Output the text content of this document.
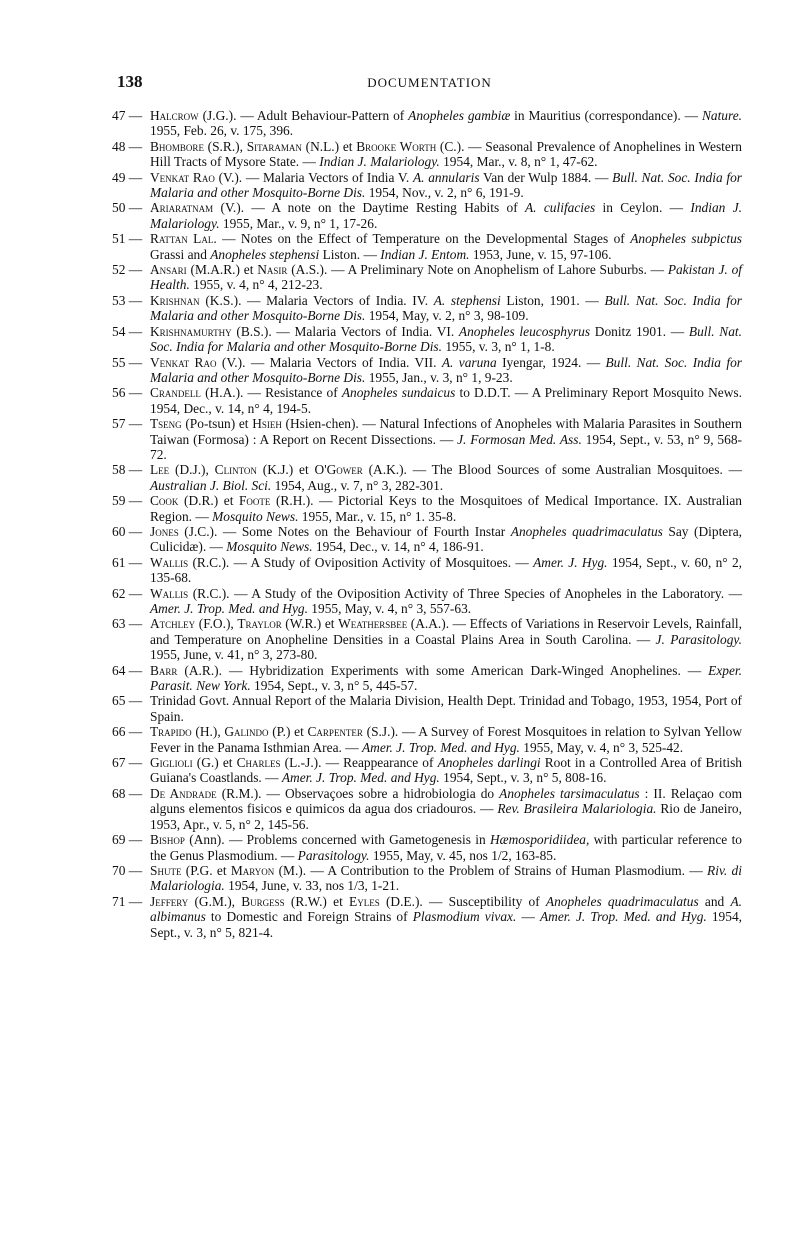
138	DOCUMENTATION
47 — Halcrow (J.G.). — Adult Behaviour-Pattern of Anopheles gambiæ in Mauritius (correspondance). — Nature. 1955, Feb. 26, v. 175, 396.
48 — Bhombore (S.R.), Sitaraman (N.L.) et Brooke Worth (C.). — Seasonal Prevalence of Anophelines in Western Hill Tracts of Mysore State. — Indian J. Malariology. 1954, Mar., v. 8, n° 1, 47-62.
49 — Venkat Rao (V.). — Malaria Vectors of India V. A. annularis Van der Wulp 1884. — Bull. Nat. Soc. India for Malaria and other Mosquito-Borne Dis. 1954, Nov., v. 2, n° 6, 191-9.
50 — Ariaratnam (V.). — A note on the Daytime Resting Habits of A. culifacies in Ceylon. — Indian J. Malariology. 1955, Mar., v. 9, n° 1, 17-26.
51 — Rattan Lal. — Notes on the Effect of Temperature on the Developmental Stages of Anopheles subpictus Grassi and Anopheles stephensi Liston. — Indian J. Entom. 1953, June, v. 15, 97-106.
52 — Ansari (M.A.R.) et Nasir (A.S.). — A Preliminary Note on Anophelism of Lahore Suburbs. — Pakistan J. of Health. 1955, v. 4, n° 4, 212-23.
53 — Krishnan (K.S.). — Malaria Vectors of India. IV. A. stephensi Liston, 1901. — Bull. Nat. Soc. India for Malaria and other Mosquito-Borne Dis. 1954, May, v. 2, n° 3, 98-109.
54 — Krishnamurthy (B.S.). — Malaria Vectors of India. VI. Anopheles leucosphyrus Donitz 1901. — Bull. Nat. Soc. India for Malaria and other Mosquito-Borne Dis. 1955, v. 3, n° 1, 1-8.
55 — Venkat Rao (V.). — Malaria Vectors of India. VII. A. varuna Iyengar, 1924. — Bull. Nat. Soc. India for Malaria and other Mosquito-Borne Dis. 1955, Jan., v. 3, n° 1, 9-23.
56 — Crandell (H.A.). — Resistance of Anopheles sundaicus to D.D.T. — A Preliminary Report Mosquito News. 1954, Dec., v. 14, n° 4, 194-5.
57 — Tseng (Po-tsun) et Hsieh (Hsien-chen). — Natural Infections of Anopheles with Malaria Parasites in Southern Taiwan (Formosa) : A Report on Recent Dissections. — J. Formosan Med. Ass. 1954, Sept., v. 53, n° 9, 568-72.
58 — Lee (D.J.), Clinton (K.J.) et O'Gower (A.K.). — The Blood Sources of some Australian Mosquitoes. — Australian J. Biol. Sci. 1954, Aug., v. 7, n° 3, 282-301.
59 — Cook (D.R.) et Foote (R.H.). — Pictorial Keys to the Mosquitoes of Medical Importance. IX. Australian Region. — Mosquito News. 1955, Mar., v. 15, n° 1. 35-8.
60 — Jones (J.C.). — Some Notes on the Behaviour of Fourth Instar Anopheles quadrimaculatus Say (Diptera, Culicidæ). — Mosquito News. 1954, Dec., v. 14, n° 4, 186-91.
61 — Wallis (R.C.). — A Study of Oviposition Activity of Mosquitoes. — Amer. J. Hyg. 1954, Sept., v. 60, n° 2, 135-68.
62 — Wallis (R.C.). — A Study of the Oviposition Activity of Three Species of Anopheles in the Laboratory. — Amer. J. Trop. Med. and Hyg. 1955, May, v. 4, n° 3, 557-63.
63 — Atchley (F.O.), Traylor (W.R.) et Weathersbee (A.A.). — Effects of Variations in Reservoir Levels, Rainfall, and Temperature on Anopheline Densities in a Coastal Plains Area in South Carolina. — J. Parasitology. 1955, June, v. 41, n° 3, 273-80.
64 — Barr (A.R.). — Hybridization Experiments with some American Dark-Winged Anophelines. — Exper. Parasit. New York. 1954, Sept., v. 3, n° 5, 445-57.
65 — Trinidad Govt. Annual Report of the Malaria Division, Health Dept. Trinidad and Tobago, 1953, 1954, Port of Spain.
66 — Trapido (H.), Galindo (P.) et Carpenter (S.J.). — A Survey of Forest Mosquitoes in relation to Sylvan Yellow Fever in the Panama Isthmian Area. — Amer. J. Trop. Med. and Hyg. 1955, May, v. 4, n° 3, 525-42.
67 — Giglioli (G.) et Charles (L.-J.). — Reappearance of Anopheles darlingi Root in a Controlled Area of British Guiana's Coastlands. — Amer. J. Trop. Med. and Hyg. 1954, Sept., v. 3, n° 5, 808-16.
68 — De Andrade (R.M.). — Observaçoes sobre a hidrobiologia do Anopheles tarsimaculatus : II. Relaçao com alguns elementos fisicos e quimicos da agua dos criadouros. — Rev. Brasileira Malariologia. Rio de Janeiro, 1953, Apr., v. 5, n° 2, 145-56.
69 — Bishop (Ann). — Problems concerned with Gametogenesis in Hæmosporidiidea, with particular reference to the Genus Plasmodium. — Parasitology. 1955, May, v. 45, nos 1/2, 163-85.
70 — Shute (P.G. et Maryon (M.). — A Contribution to the Problem of Strains of Human Plasmodium. — Riv. di Malariologia. 1954, June, v. 33, nos 1/3, 1-21.
71 — Jeffery (G.M.), Burgess (R.W.) et Eyles (D.E.). — Susceptibility of Anopheles quadrimaculatus and A. albimanus to Domestic and Foreign Strains of Plasmodium vivax. — Amer. J. Trop. Med. and Hyg. 1954, Sept., v. 3, n° 5, 821-4.
